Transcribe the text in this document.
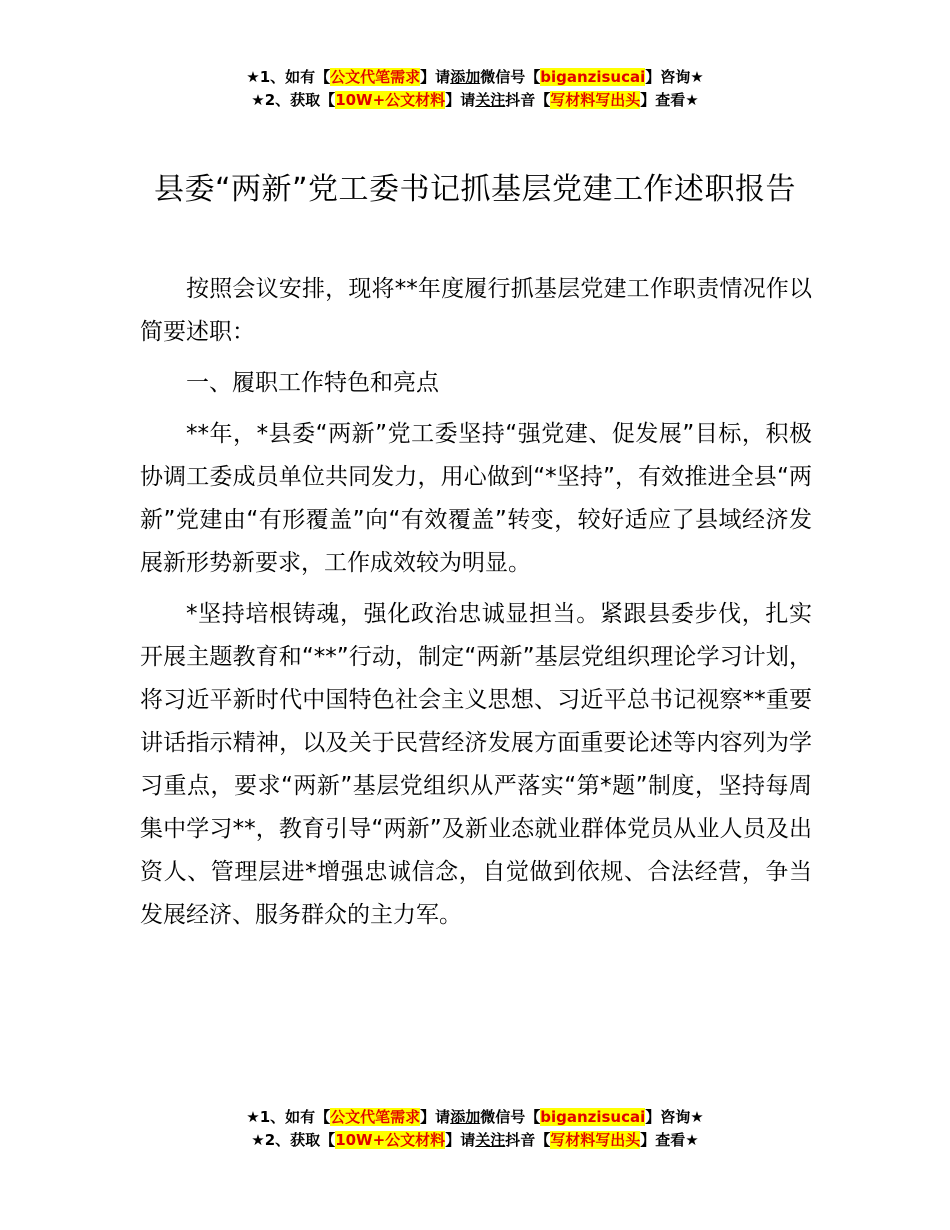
★1、如有【公文代笔需求】请添加微信号【biganzisucai】咨询★
★2、获取【10W+公文材料】请关注抖音【写材料写出头】查看★
县委“两新”党工委书记抓基层党建工作述职报告

按照会议安排，现将**年度履行抓基层党建工作职责情况作以简要述职：

一、履职工作特色和亮点

**年，*县委“两新”党工委坚持“强党建、促发展”目标，积极协调工委成员单位共同发力，用心做到“*坚持”，有效推进全县“两新”党建由“有形覆盖”向“有效覆盖”转变，较好适应了县域经济发展新形势新要求，工作成效较为明显。

*坚持培根铸魂，强化政治忠诚显担当。紧跟县委步伐，扎实开展主题教育和“**”行动，制定“两新”基层党组织理论学习计划，将习近平新时代中国特色社会主义思想、习近平总书记视察**重要讲话指示精神，以及关于民营经济发展方面重要论述等内容列为学习重点，要求“两新”基层党组织从严落实“第*题”制度，坚持每周集中学习**，教育引导“两新”及新业态就业群体党员从业人员及出资人、管理层进*增强忠诚信念，自觉做到依规、合法经营，争当发展经济、服务群众的主力军。

★1、如有【公文代笔需求】请添加微信号【biganzisucai】咨询★
★2、获取【10W+公文材料】请关注抖音【写材料写出头】查看★
